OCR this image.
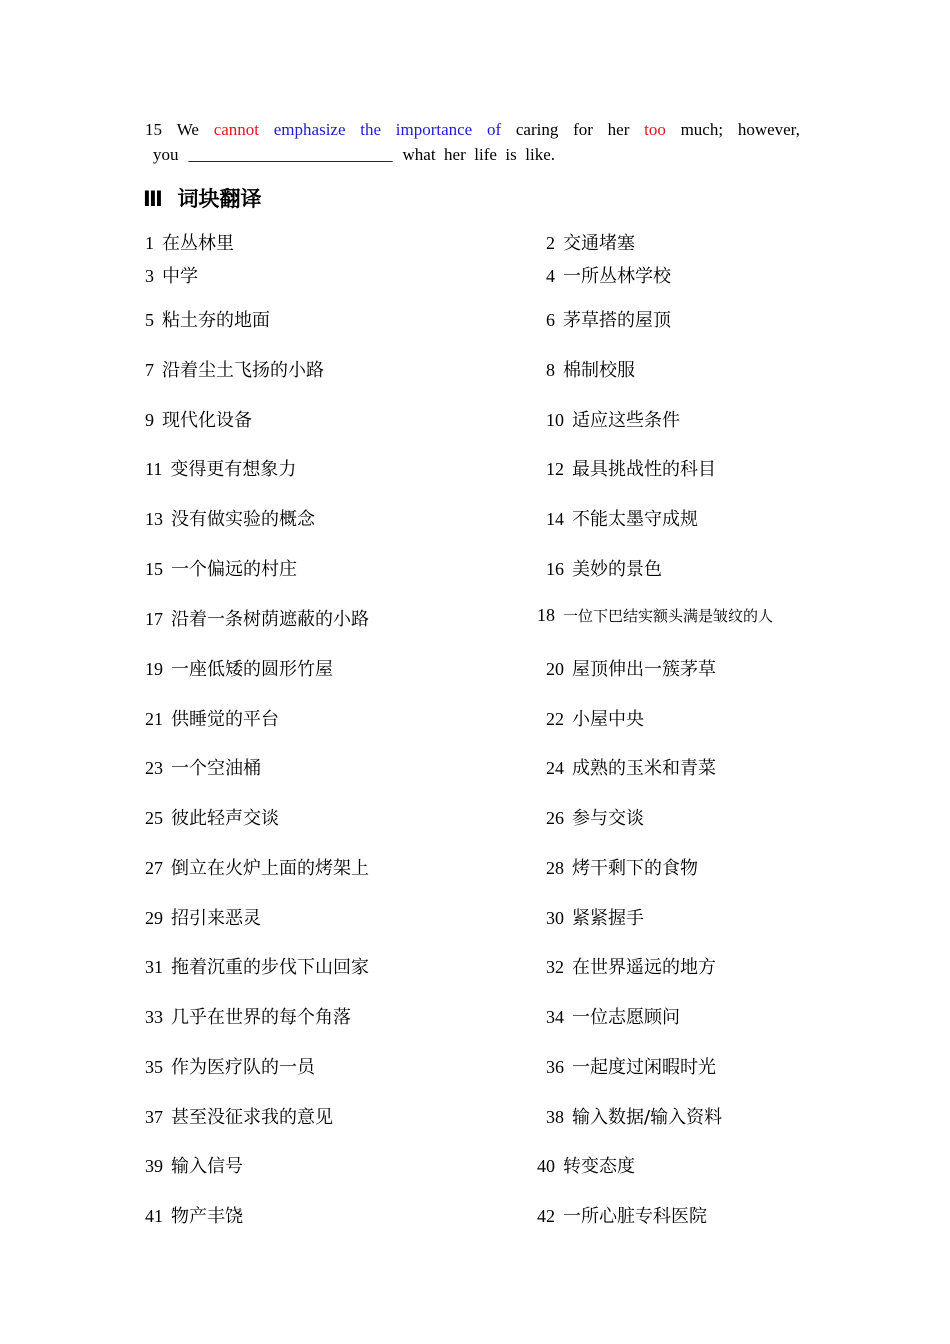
15 We cannot emphasize the importance of caring for her too much; however,
you ________________________ what  her  life  is  like.
Ⅲ  词块翻译
1 在丛林里	2 交通堵塞
3 中学	4 一所丛林学校
5 粘土夯的地面	6 茅草搭的屋顶
7 沿着尘土飞扬的小路	8 棉制校服
9 现代化设备	10 适应这些条件
11 变得更有想象力	12 最具挑战性的科目
13 没有做实验的概念	14 不能太墨守成规
15 一个偏远的村庄	16 美妙的景色
17 沿着一条树荫遮蔽的小路	18 一位下巴结实额头满是皱纹的人
19 一座低矮的圆形竹屋	20 屋顶伸出一簇茅草
21 供睡觉的平台	22 小屋中央
23 一个空油桶	24 成熟的玉米和青菜
25 彼此轻声交谈	26 参与交谈
27 倒立在火炉上面的烤架上	28 烤干剩下的食物
29 招引来恶灵	30 紧紧握手
31 拖着沉重的步伐下山回家	32 在世界遥远的地方
33 几乎在世界的每个角落	34 一位志愿顾问
35 作为医疗队的一员	36 一起度过闲暇时光
37 甚至没征求我的意见	38 输入数据/输入资料
39 输入信号	40 转变态度
41 物产丰饶	42 一所心脏专科医院
